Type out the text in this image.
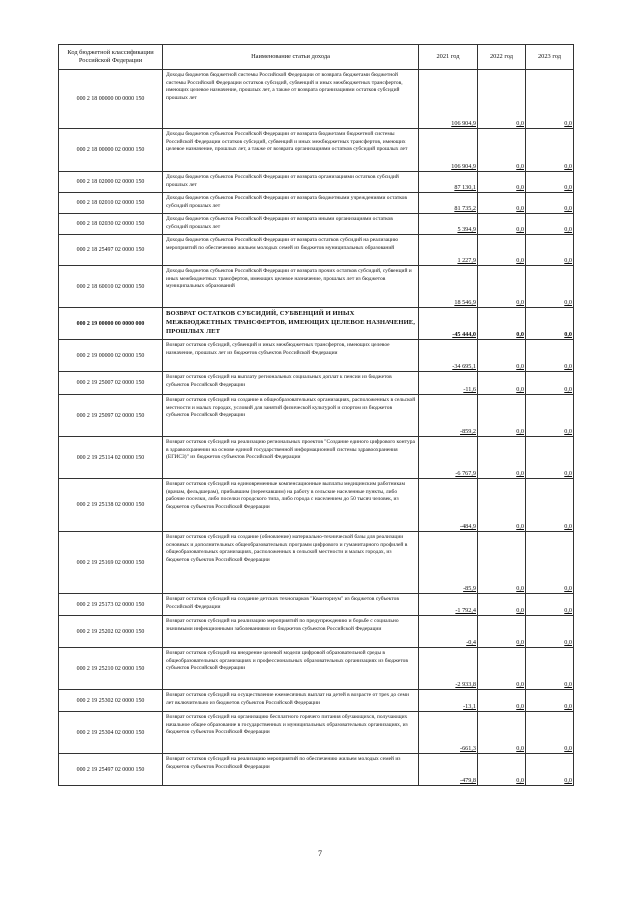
Код бюджетной классификации Российской Федерации	Наименование статьи дохода	2021 год	2022 год	2023 год
000 2 18 00000 00 0000 150	Доходы бюджетов бюджетной системы Российской Федерации от возврата бюджетами бюджетной системы Российской Федерации остатков субсидий, субвенций и иных межбюджетных трансфертов, имеющих целевое назначение, прошлых лет, а также от возврата организациями остатков субсидий прошлых лет	106 904,9	0,0	0,0
000 2 18 00000 02 0000 150	Доходы бюджетов субъектов Российской Федерации от возврата бюджетами бюджетной системы Российской Федерации остатков субсидий, субвенций и иных межбюджетных трансфертов, имеющих целевое назначение, прошлых лет, а также от возврата организациями остатков субсидий прошлых лет	106 904,9	0,0	0,0
000 2 18 02000 02 0000 150	Доходы бюджетов субъектов Российской Федерации от возврата организациями остатков субсидий прошлых лет	87 130,1	0,0	0,0
000 2 18 02010 02 0000 150	Доходы бюджетов субъектов Российской Федерации от возврата бюджетными учреждениями остатков субсидий прошлых лет	81 735,2	0,0	0,0
000 2 18 02030 02 0000 150	Доходы бюджетов субъектов Российской Федерации от возврата иными организациями остатков субсидий прошлых лет	5 394,9	0,0	0,0
000 2 18 25497 02 0000 150	Доходы бюджетов субъектов Российской Федерации от возврата остатков субсидий на реализацию мероприятий по обеспечению жильем молодых семей из бюджетов муниципальных образований	1 227,9	0,0	0,0
000 2 18 60010 02 0000 150	Доходы бюджетов субъектов Российской Федерации от возврата прочих остатков субсидий, субвенций и иных межбюджетных трансфертов, имеющих целевое назначение, прошлых лет из бюджетов муниципальных образований	18 546,9	0,0	0,0
000 2 19 00000 00 0000 000	ВОЗВРАТ ОСТАТКОВ СУБСИДИЙ, СУБВЕНЦИЙ И ИНЫХ МЕЖБЮДЖЕТНЫХ ТРАНСФЕРТОВ, ИМЕЮЩИХ ЦЕЛЕВОЕ НАЗНАЧЕНИЕ, ПРОШЛЫХ ЛЕТ	-45 444,0	0,0	0,0
000 2 19 00000 02 0000 150	Возврат остатков субсидий, субвенций и иных межбюджетных трансфертов, имеющих целевое назначение, прошлых лет из бюджетов субъектов Российской Федерации	-34 695,1	0,0	0,0
000 2 19 25007 02 0000 150	Возврат остатков субсидий на выплату региональных социальных доплат к пенсии из бюджетов субъектов Российской Федерации	-11,6	0,0	0,0
000 2 19 25097 02 0000 150	Возврат остатков субсидий на создание в общеобразовательных организациях, расположенных в сельской местности и малых городах, условий для занятий физической культурой и спортом из бюджетов субъектов Российской Федерации	-859,2	0,0	0,0
000 2 19 25114 02 0000 150	Возврат остатков субсидий на реализацию региональных проектов "Создание единого цифрового контура в здравоохранении на основе единой государственной информационной системы здравоохранения (ЕГИСЗ)" из бюджетов субъектов Российской Федерации	-6 767,9	0,0	0,0
000 2 19 25138 02 0000 150	Возврат остатков субсидий на единовременные компенсационные выплаты медицинским работникам (врачам, фельдшерам), прибывшим (переехавшим) на работу в сельские населенные пункты, либо рабочие поселки, либо поселки городского типа, либо города с населением до 50 тысяч человек, из бюджетов субъектов Российской Федерации	-484,9	0,0	0,0
000 2 19 25169 02 0000 150	Возврат остатков субсидий на создание (обновление) материально-технической базы для реализации основных и дополнительных общеобразовательных программ цифрового и гуманитарного профилей в общеобразовательных организациях, расположенных в сельской местности и малых городах, из бюджетов субъектов Российской Федерации	-85,9	0,0	0,0
000 2 19 25173 02 0000 150	Возврат остатков субсидий на создание детских технопарков "Кванториум" из бюджетов субъектов Российской Федерации	-1 792,4	0,0	0,0
000 2 19 25202 02 0000 150	Возврат остатков субсидий на реализацию мероприятий по предупреждению и борьбе с социально значимыми инфекционными заболеваниями из бюджетов субъектов Российской Федерации	-0,4	0,0	0,0
000 2 19 25210 02 0000 150	Возврат остатков субсидий на внедрение целевой модели цифровой образовательной среды в общеобразовательных организациях и профессиональных образовательных организациях из бюджетов субъектов Российской Федерации	-2 933,8	0,0	0,0
000 2 19 25302 02 0000 150	Возврат остатков субсидий на осуществление ежемесячных выплат на детей в возрасте от трех до семи лет включительно из бюджетов субъектов Российской Федерации	-13,1	0,0	0,0
000 2 19 25304 02 0000 150	Возврат остатков субсидий на организацию бесплатного горячего питания обучающихся, получающих начальное общее образование в государственных и муниципальных образовательных организациях, из бюджетов субъектов Российской Федерации	-661,3	0,0	0,0
000 2 19 25497 02 0000 150	Возврат остатков субсидий на реализацию мероприятий по обеспечению жильем молодых семей из бюджетов субъектов Российской Федерации	-479,8	0,0	0,0
7
